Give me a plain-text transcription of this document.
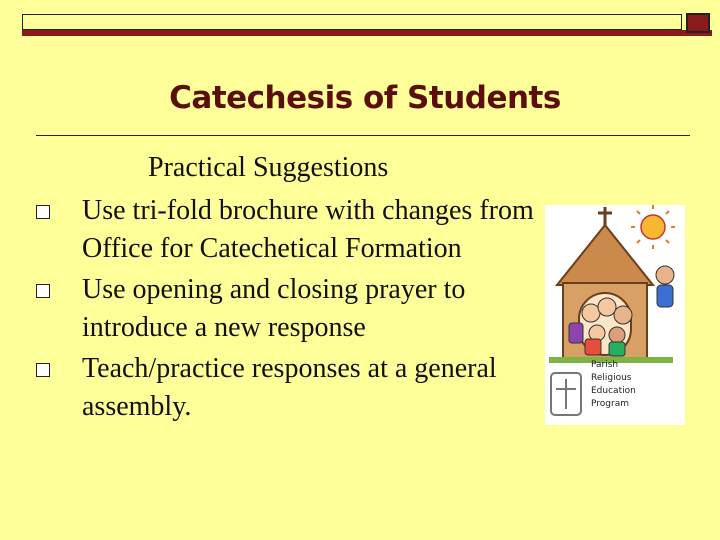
Catechesis of Students
Practical Suggestions
Use tri-fold brochure with changes from Office for Catechetical Formation
Use opening and closing prayer to introduce a new response
Teach/practice responses at a general assembly.
Parish
Religious
Education
Program
